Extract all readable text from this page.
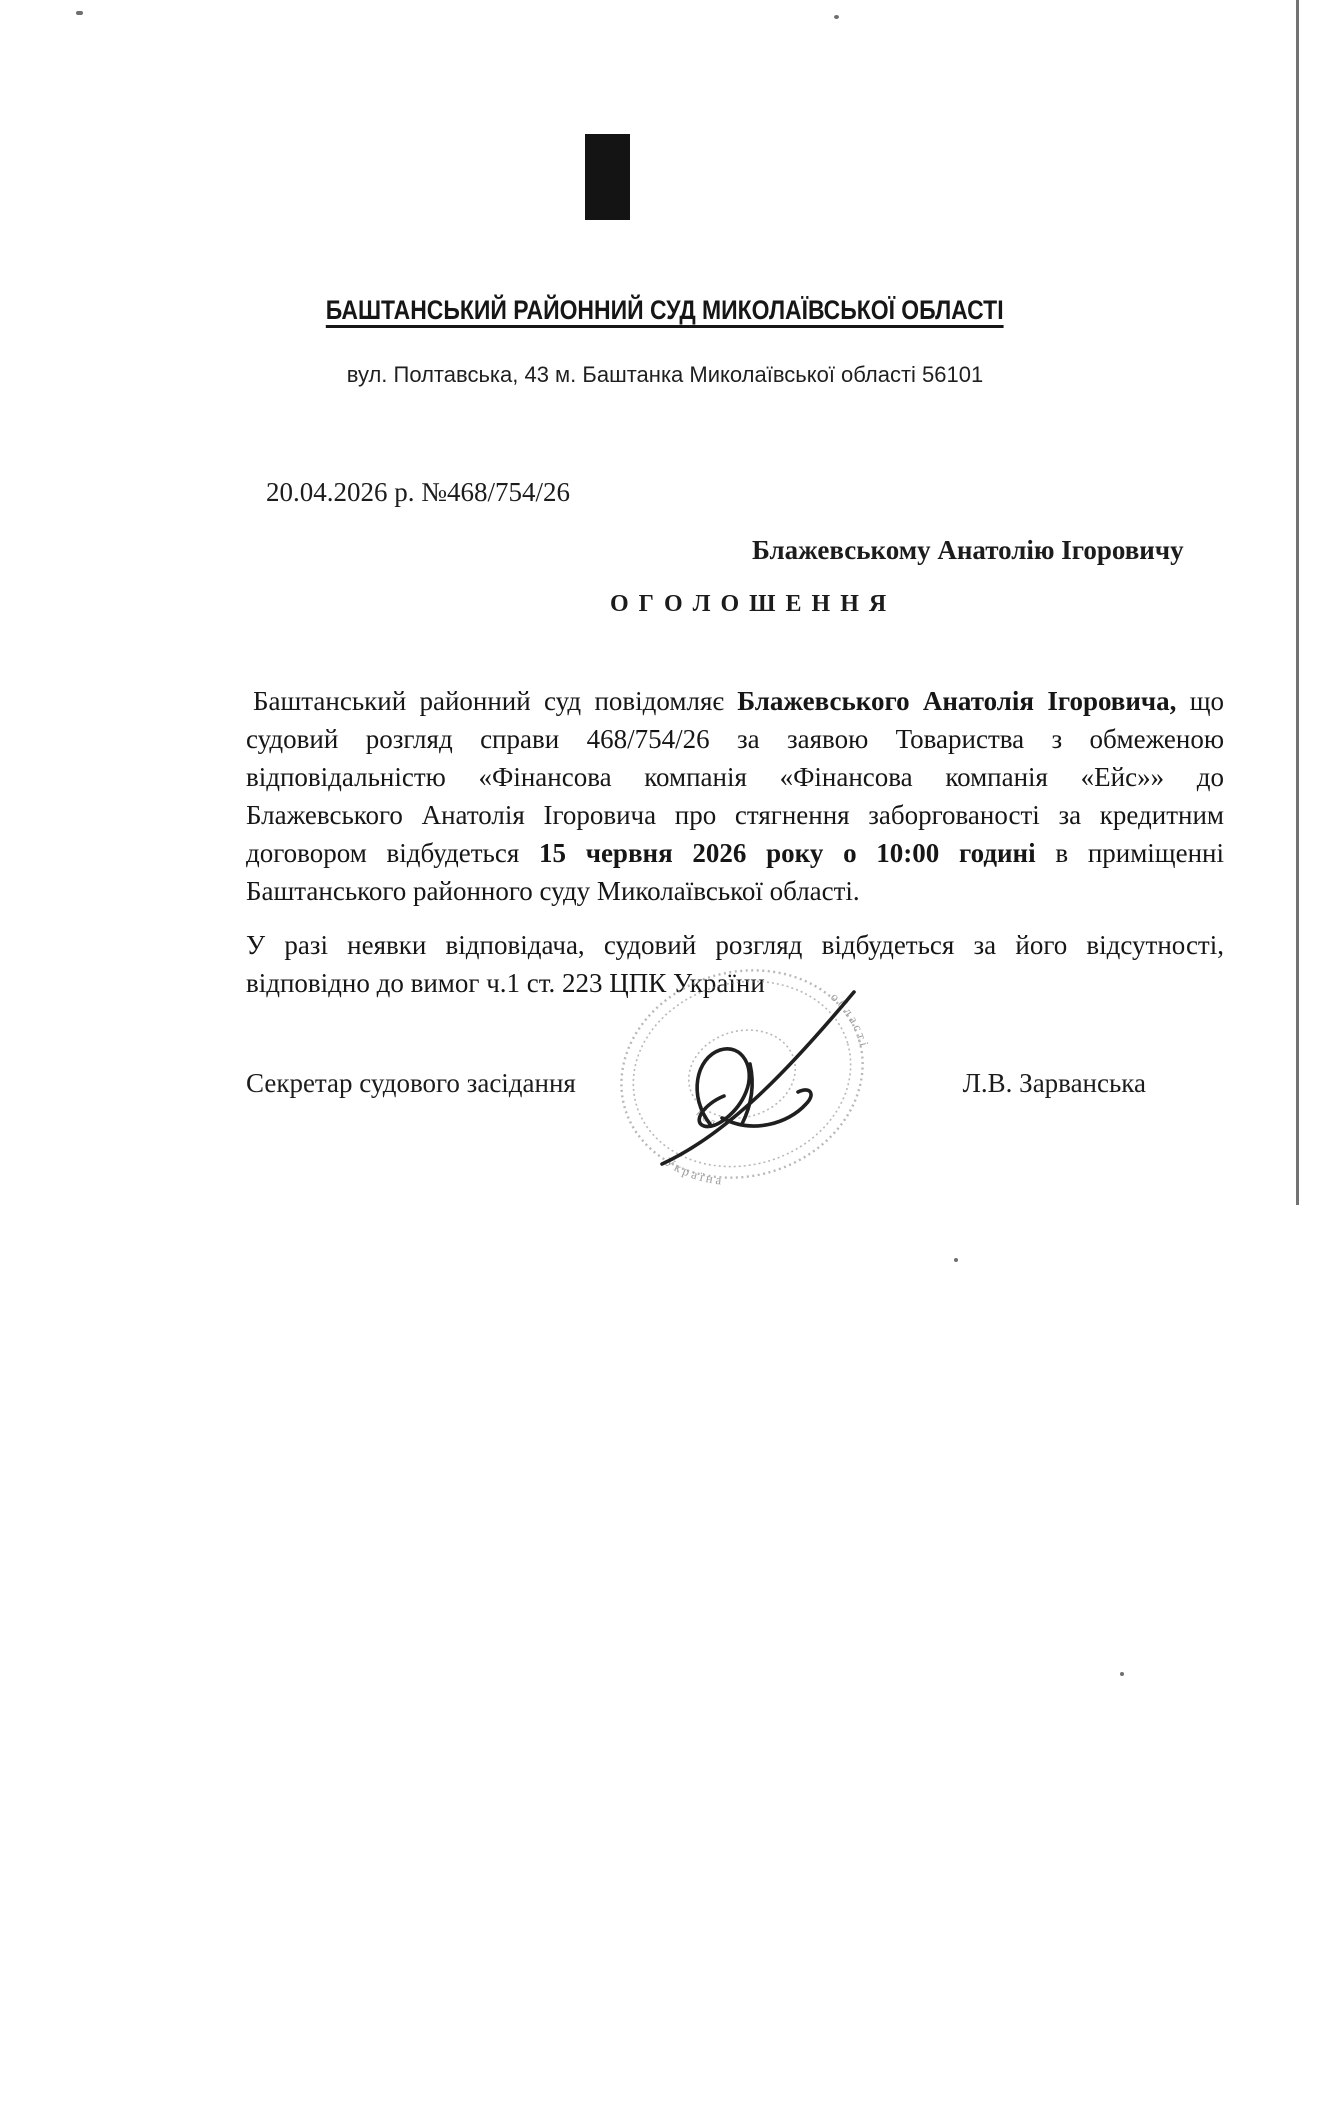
БАШТАНСЬКИЙ РАЙОННИЙ СУД МИКОЛАЇВСЬКОЇ ОБЛАСТІ
вул. Полтавська, 43 м. Баштанка Миколаївської області 56101
20.04.2026 р. №468/754/26
Блажевському Анатолію Ігоровичу
О Г О Л О Ш Е Н Н Я

Баштанський районний суд повідомляє Блажевського Анатолія Ігоровича, що судовий розгляд справи 468/754/26 за заявою Товариства з обмеженою відповідальністю «Фінансова компанія «Фінансова компанія «Ейс»» до Блажевського Анатолія Ігоровича про стягнення заборгованості за кредитним договором відбудеться 15 червня 2026 року о 10:00 годині в приміщенні Баштанського районного суду Миколаївської області.

У разі неявки відповідача, судовий розгляд відбудеться за його відсутності, відповідно до вимог ч.1 ст. 223 ЦПК України

Секретар судового засідання	Л.В. Зарванська
області
Україна
код
